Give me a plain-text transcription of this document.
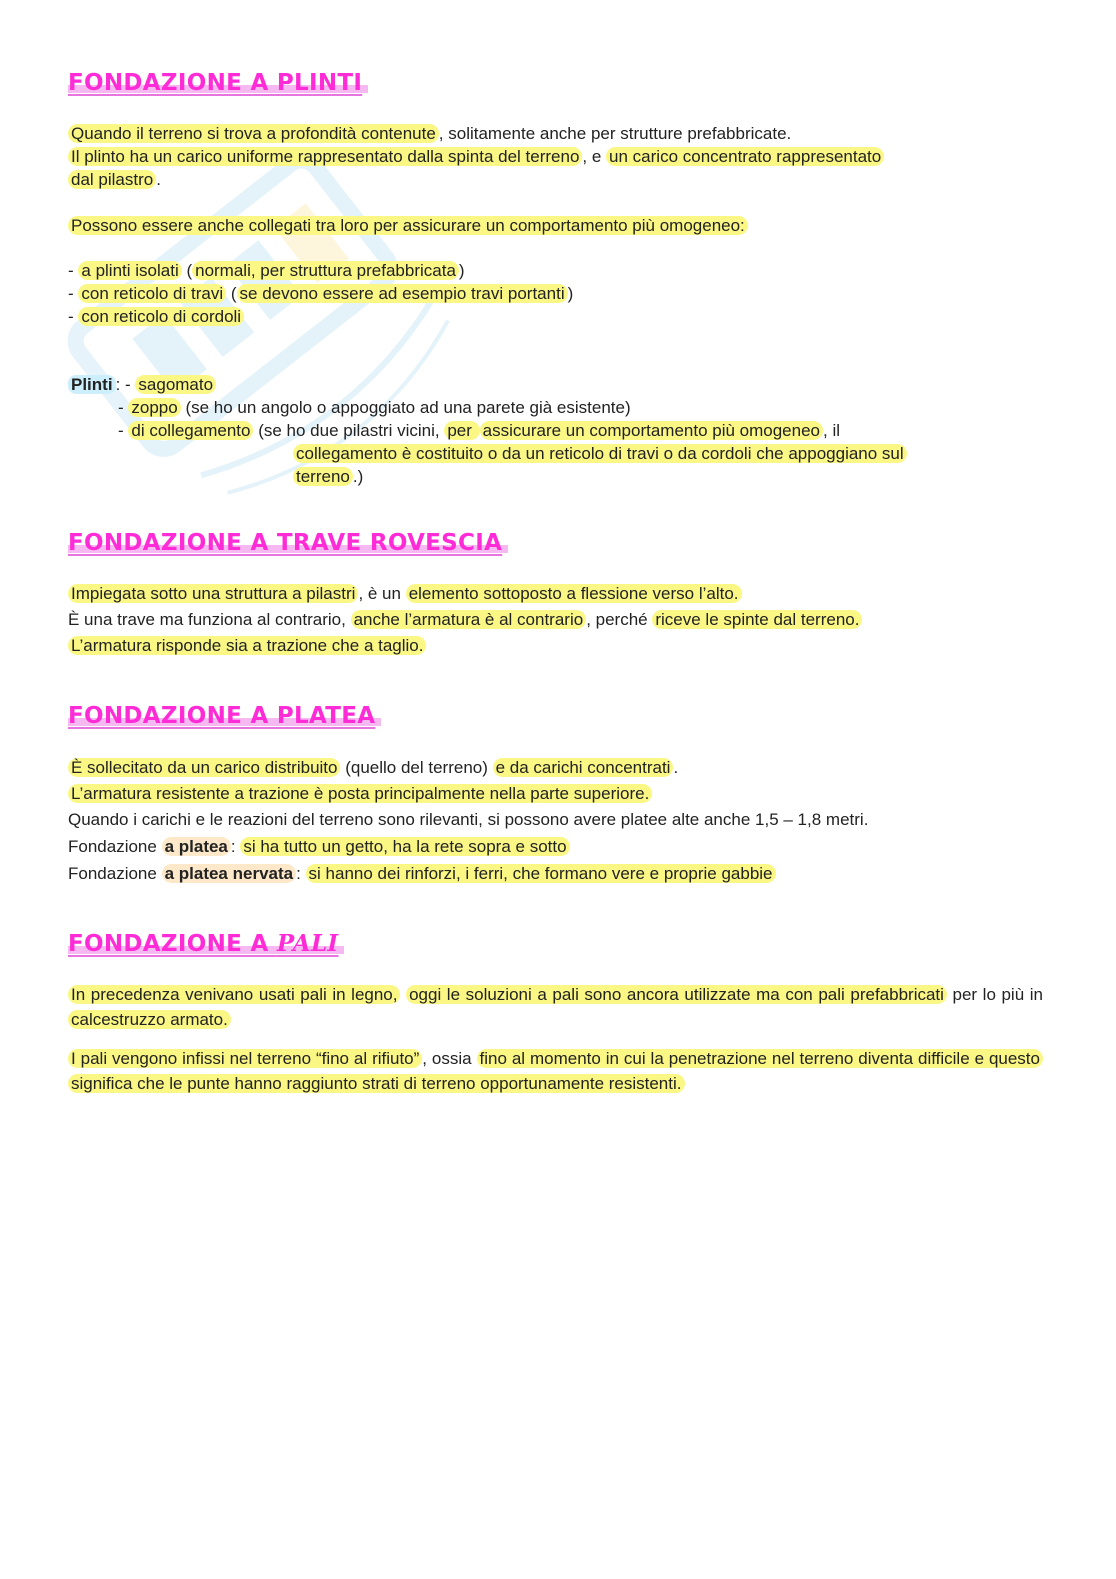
FONDAZIONE A PLINTI

Quando il terreno si trova a profondità contenute , solitamente anche per strutture prefabbricate.

Il plinto ha un carico uniforme rappresentato dalla spinta del terreno , e un carico concentrato rappresentato

dal pilastro .

Possono essere anche collegati tra loro per assicurare un comportamento più omogeneo:

- a plinti isolati ( normali, per struttura prefabbricata )

- con reticolo di travi ( se devono essere ad esempio travi portanti )

- con reticolo di cordoli

Plinti : - sagomato

- zoppo (se ho un angolo o appoggiato ad una parete già esistente)

- di collegamento (se ho due pilastri vicini, per assicurare un comportamento più omogeneo , il

collegamento è costituito o da un reticolo di travi o da cordoli che appoggiano sul

terreno .)

FONDAZIONE A TRAVE ROVESCIA

Impiegata sotto una struttura a pilastri , è un elemento sottoposto a flessione verso l’alto.

È una trave ma funziona al contrario, anche l’armatura è al contrario , perché riceve le spinte dal terreno.

L’armatura risponde sia a trazione che a taglio.

FONDAZIONE A PLATEA

È sollecitato da un carico distribuito (quello del terreno) e da carichi concentrati .

L’armatura resistente a trazione è posta principalmente nella parte superiore.

Quando i carichi e le reazioni del terreno sono rilevanti, si possono avere platee alte anche 1,5 – 1,8 metri.

Fondazione a platea : si ha tutto un getto, ha la rete sopra e sotto

Fondazione a platea nervata : si hanno dei rinforzi, i ferri, che formano vere e proprie gabbie

FONDAZIONE A PALI

In precedenza venivano usati pali in legno, oggi le soluzioni a pali sono ancora utilizzate ma con pali prefabbricati per lo più in calcestruzzo armato.

I pali vengono infissi nel terreno “fino al rifiuto” , ossia fino al momento in cui la penetrazione nel terreno diventa difficile e questo significa che le punte hanno raggiunto strati di terreno opportunamente resistenti.
